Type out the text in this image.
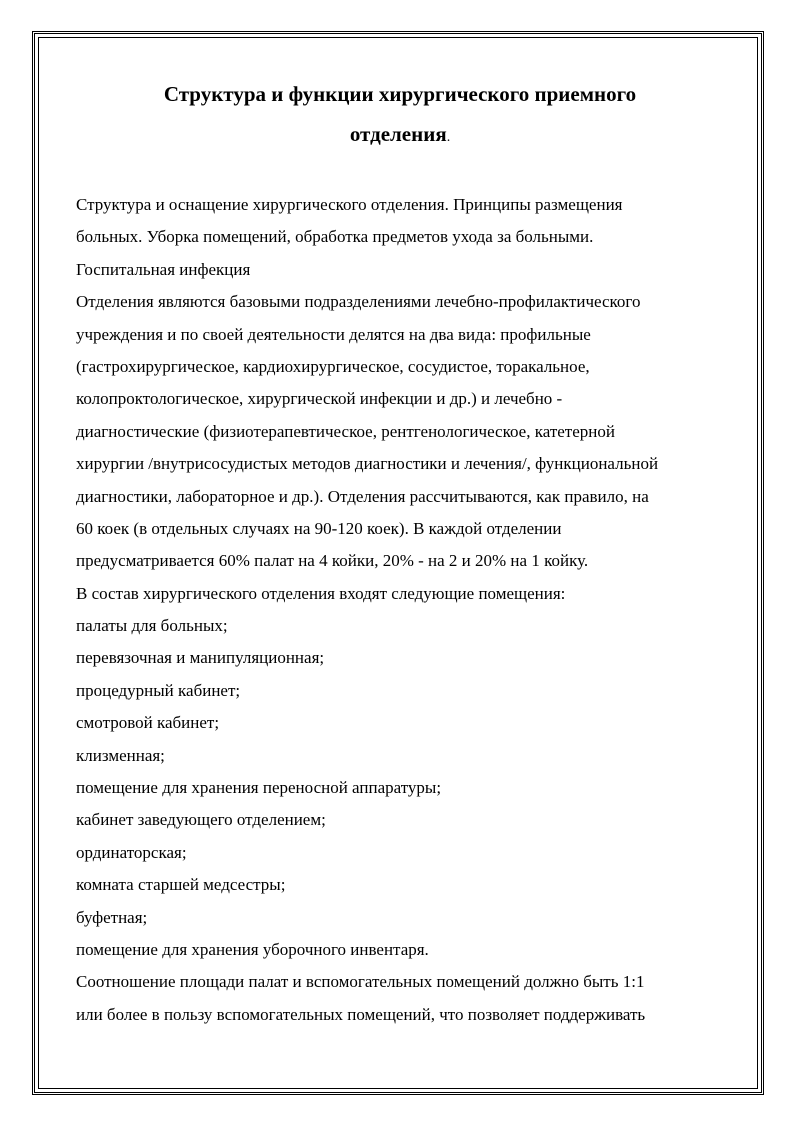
Структура и функции хирургического приемного
отделения.
Структура и оснащение хирургического отделения. Принципы размещения
больных. Уборка помещений, обработка предметов ухода за больными.
Госпитальная инфекция
Отделения являются базовыми подразделениями лечебно-профилактического
учреждения и по своей деятельности делятся на два вида: профильные
(гастрохирургическое, кардиохирургическое, сосудистое, торакальное,
колопроктологическое, хирургической инфекции и др.) и лечебно -
диагностические (физиотерапевтическое, рентгенологическое, катетерной
хирургии /внутрисосудистых методов диагностики и лечения/, функциональной
диагностики, лабораторное и др.). Отделения рассчитываются, как правило, на
60 коек (в отдельных случаях на 90-120 коек). В каждой отделении
предусматривается 60% палат на 4 койки, 20% - на 2 и 20% на 1 койку.
В состав хирургического отделения входят следующие помещения:
палаты для больных;
перевязочная и манипуляционная;
процедурный кабинет;
смотровой кабинет;
клизменная;
помещение для хранения переносной аппаратуры;
кабинет заведующего отделением;
ординаторская;
комната старшей медсестры;
буфетная;
помещение для хранения уборочного инвентаря.
Соотношение площади палат и вспомогательных помещений должно быть 1:1
или более в пользу вспомогательных помещений, что позволяет поддерживать
